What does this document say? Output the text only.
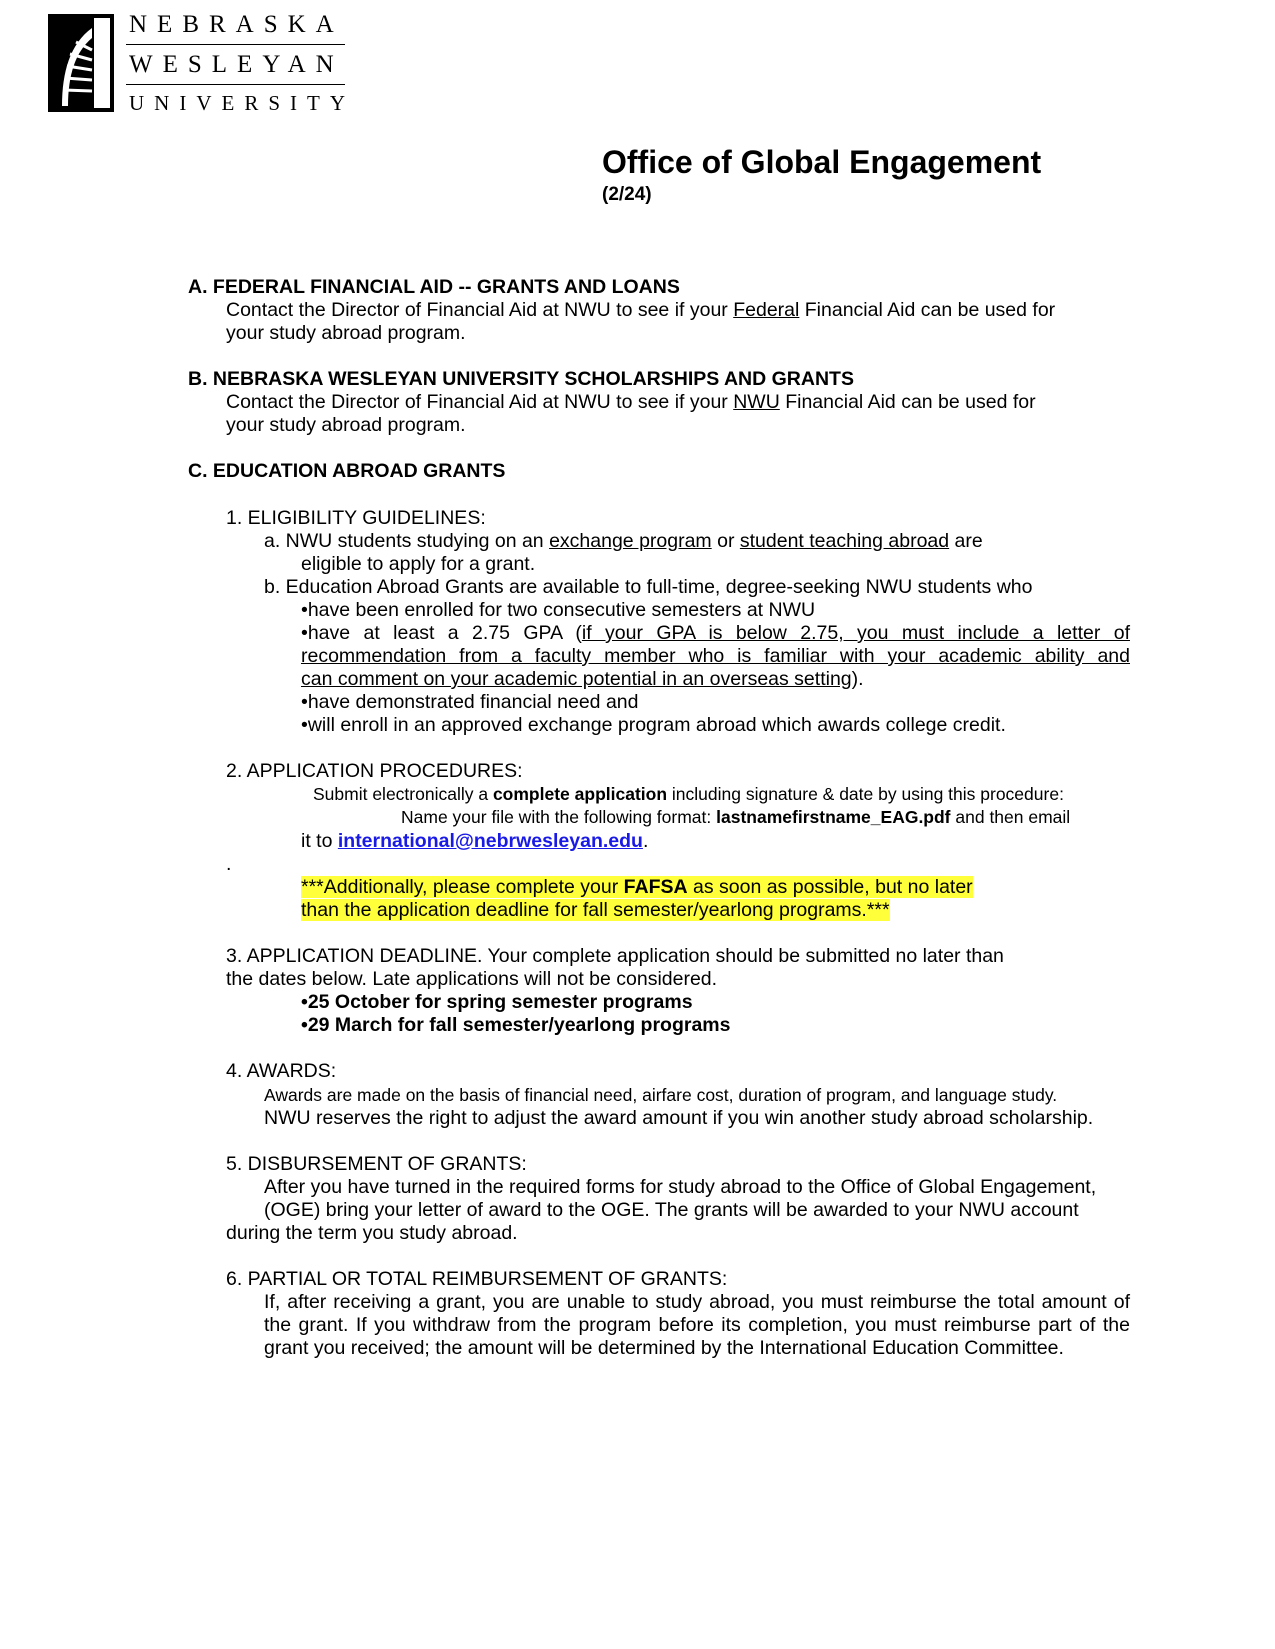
NEBRASKA
WESLEYAN
UNIVERSITY
Office of Global Engagement
(2/24)
A. FEDERAL FINANCIAL AID -- GRANTS AND LOANS
Contact the Director of Financial Aid at NWU to see if your Federal Financial Aid can be used for
your study abroad program.
B. NEBRASKA WESLEYAN UNIVERSITY SCHOLARSHIPS AND GRANTS
Contact the Director of Financial Aid at NWU to see if your NWU Financial Aid can be used for
your study abroad program.
C. EDUCATION ABROAD GRANTS
1. ELIGIBILITY GUIDELINES:
a. NWU students studying on an exchange program or student teaching abroad are
eligible to apply for a grant.
b. Education Abroad Grants are available to full-time, degree-seeking NWU students who
•have been enrolled for two consecutive semesters at NWU
•have at least a 2.75 GPA (if your GPA is below 2.75, you must include a letter of
recommendation from a faculty member who is familiar with your academic ability and
can comment on your academic potential in an overseas setting).
•have demonstrated financial need and
•will enroll in an approved exchange program abroad which awards college credit.
2. APPLICATION PROCEDURES:
Submit electronically a complete application including signature & date by using this procedure:
Name your file with the following format: lastnamefirstname_EAG.pdf and then email
it to international@nebrwesleyan.edu.
.
***Additionally, please complete your FAFSA as soon as possible, but no later
than the application deadline for fall semester/yearlong programs.***
3. APPLICATION DEADLINE. Your complete application should be submitted no later than
the dates below. Late applications will not be considered.
•25 October for spring semester programs
•29 March for fall semester/yearlong programs
4. AWARDS:
Awards are made on the basis of financial need, airfare cost, duration of program, and language study.
NWU reserves the right to adjust the award amount if you win another study abroad scholarship.
5. DISBURSEMENT OF GRANTS:
After you have turned in the required forms for study abroad to the Office of Global Engagement,
(OGE) bring your letter of award to the OGE. The grants will be awarded to your NWU account
during the term you study abroad.
6. PARTIAL OR TOTAL REIMBURSEMENT OF GRANTS:
If, after receiving a grant, you are unable to study abroad, you must reimburse the total amount of
the grant. If you withdraw from the program before its completion, you must reimburse part of the
grant you received; the amount will be determined by the International Education Committee.
